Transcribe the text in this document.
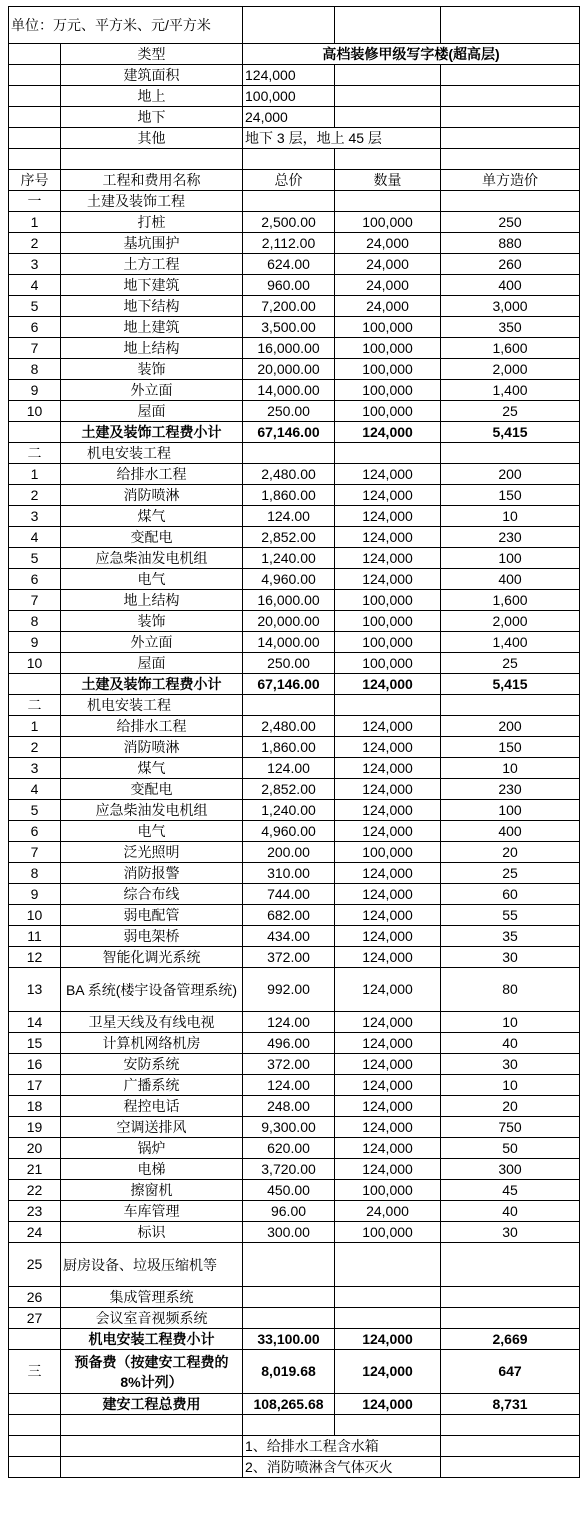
单位：万元、平方米、元/平方米				
	类型	高档装修甲级写字楼(超高层)		
	建筑面积	124,000		
	地上	100,000		
	地下	24,000		
	其他	地下 3 层，地上 45 层		

序号	工程和费用名称	总价	数量	单方造价
一	土建及装饰工程			
1	打桩	2,500.00	100,000	250
2	基坑围护	2,112.00	24,000	880
3	土方工程	624.00	24,000	260
4	地下建筑	960.00	24,000	400
5	地下结构	7,200.00	24,000	3,000
6	地上建筑	3,500.00	100,000	350
7	地上结构	16,000.00	100,000	1,600
8	装饰	20,000.00	100,000	2,000
9	外立面	14,000.00	100,000	1,400
10	屋面	250.00	100,000	25
	土建及装饰工程费小计	67,146.00	124,000	5,415
二	机电安装工程			
1	给排水工程	2,480.00	124,000	200
2	消防喷淋	1,860.00	124,000	150
3	煤气	124.00	124,000	10
4	变配电	2,852.00	124,000	230
5	应急柴油发电机组	1,240.00	124,000	100
6	电气	4,960.00	124,000	400
7	地上结构	16,000.00	100,000	1,600
8	装饰	20,000.00	100,000	2,000
9	外立面	14,000.00	100,000	1,400
10	屋面	250.00	100,000	25
	土建及装饰工程费小计	67,146.00	124,000	5,415
二	机电安装工程			
1	给排水工程	2,480.00	124,000	200
2	消防喷淋	1,860.00	124,000	150
3	煤气	124.00	124,000	10
4	变配电	2,852.00	124,000	230
5	应急柴油发电机组	1,240.00	124,000	100
6	电气	4,960.00	124,000	400
7	泛光照明	200.00	100,000	20
8	消防报警	310.00	124,000	25
9	综合布线	744.00	124,000	60
10	弱电配管	682.00	124,000	55
11	弱电架桥	434.00	124,000	35
12	智能化调光系统	372.00	124,000	30
13	BA 系统(楼宇设备管理系统)	992.00	124,000	80
14	卫星天线及有线电视	124.00	124,000	10
15	计算机网络机房	496.00	124,000	40
16	安防系统	372.00	124,000	30
17	广播系统	124.00	124,000	10
18	程控电话	248.00	124,000	20
19	空调送排风	9,300.00	124,000	750
20	锅炉	620.00	124,000	50
21	电梯	3,720.00	124,000	300
22	擦窗机	450.00	100,000	45
23	车库管理	96.00	24,000	40
24	标识	300.00	100,000	30
25	厨房设备、垃圾压缩机等			
26	集成管理系统			
27	会议室音视频系统			
	机电安装工程费小计	33,100.00	124,000	2,669
三	预备费（按建安工程费的 8%计列）	8,019.68	124,000	647
	建安工程总费用	108,265.68	124,000	8,731

		1、给排水工程含水箱		
		2、消防喷淋含气体灭火		
